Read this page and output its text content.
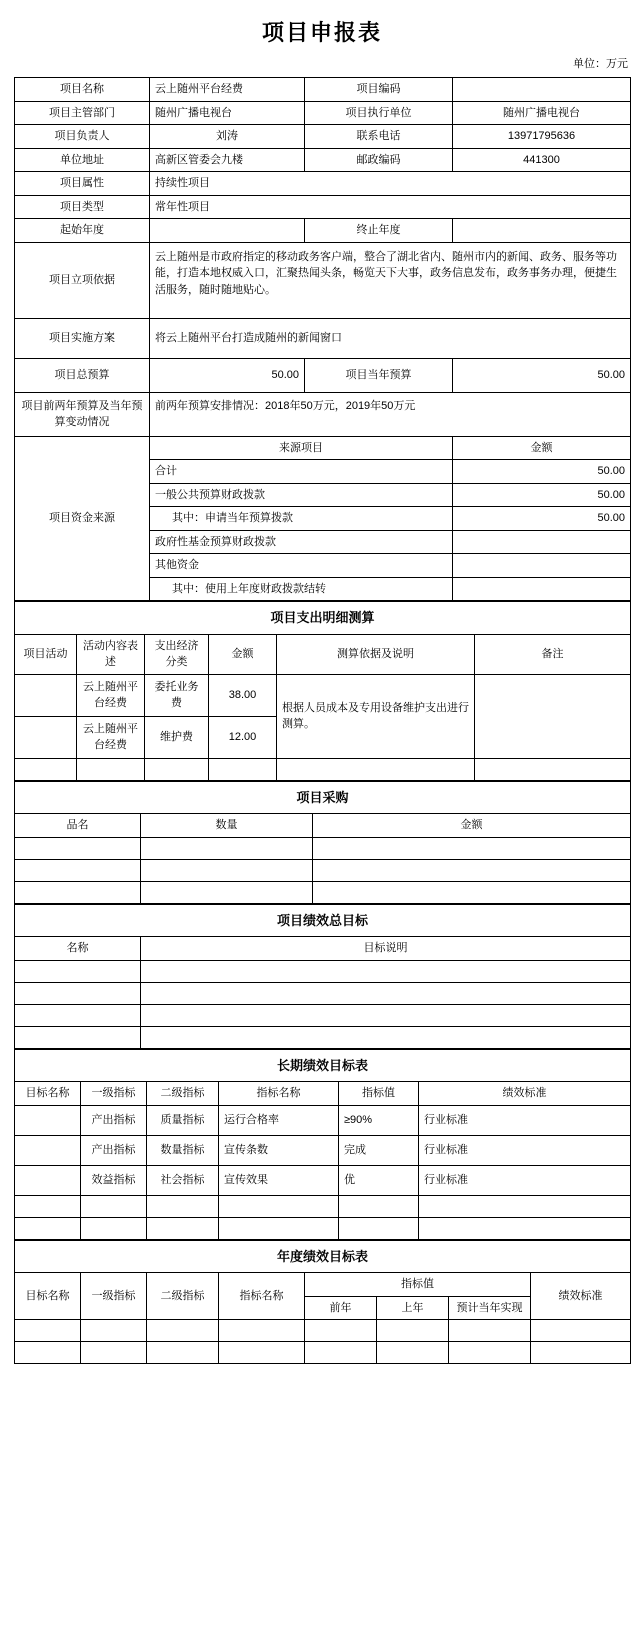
项目申报表
单位：万元
项目名称	云上随州平台经费	项目编码	
项目主管部门	随州广播电视台	项目执行单位	随州广播电视台
项目负责人	刘涛	联系电话	13971795636
单位地址	高新区管委会九楼	邮政编码	441300
项目属性	持续性项目		
项目类型	常年性项目		
起始年度		终止年度	
项目立项依据	云上随州是市政府指定的移动政务客户端，整合了湖北省内、随州市内的新闻、政务、服务等功能，打造本地权威入口，汇聚热闻头条，畅览天下大事，政务信息发布，政务事务办理，便捷生活服务，随时随地贴心。		
项目实施方案	将云上随州平台打造成随州的新闻窗口		
项目总预算	50.00	项目当年预算	50.00
项目前两年预算及当年预算变动情况	前两年预算安排情况：2018年50万元，2019年50万元		
项目资金来源	来源项目		金额
	合计		50.00
	一般公共预算财政拨款		50.00
	其中：申请当年预算拨款		50.00
	政府性基金预算财政拨款		
	其他资金		
	其中：使用上年度财政拨款结转		
项目支出明细测算					
项目活动	活动内容表述	支出经济分类	金额	测算依据及说明	备注
	云上随州平台经费	委托业务费	38.00	根据人员成本及专用设备维护支出进行测算。	
	云上随州平台经费	维护费	12.00		

项目采购		
品名	数量	金额

项目绩效总目标	
名称	目标说明

长期绩效目标表					
目标名称	一级指标	二级指标	指标名称	指标值	绩效标准
	产出指标	质量指标	运行合格率	≥90%	行业标准
	产出指标	数量指标	宣传条数	完成	行业标准
	效益指标	社会指标	宣传效果	优	行业标准

年度绩效目标表							
目标名称	一级指标	二级指标	指标名称	指标值			绩效标准
				前年	上年	预计当年实现	
